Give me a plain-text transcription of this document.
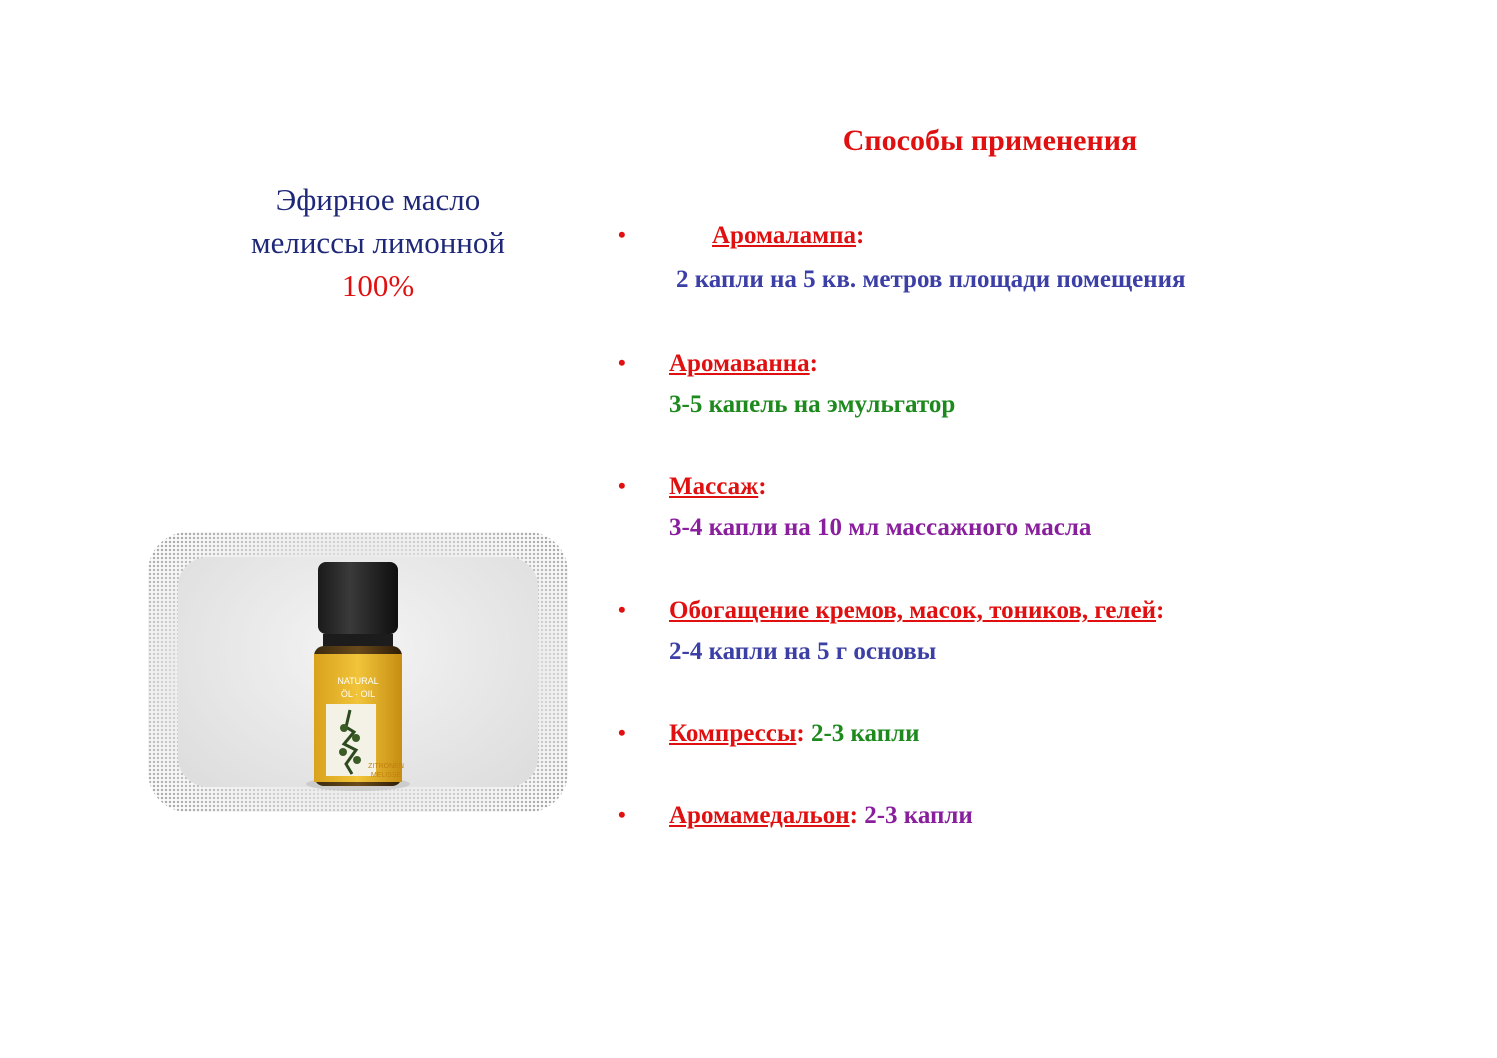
Эфирное масло
мелиссы лимонной
100%
NATURAL
ÖL · OIL
ZITRONEN
MELISSE
Способы применения
•	Аромалампа:
2 капли на 5 кв. метров площади помещения
• Аромаванна:
3-5 капель на эмульгатор
• Массаж:
3-4 капли на 10 мл массажного масла
• Обогащение кремов, масок, тоников, гелей:
2-4 капли на 5 г основы
• Компрессы: 2-3 капли
• Аромамедальон: 2-3 капли
